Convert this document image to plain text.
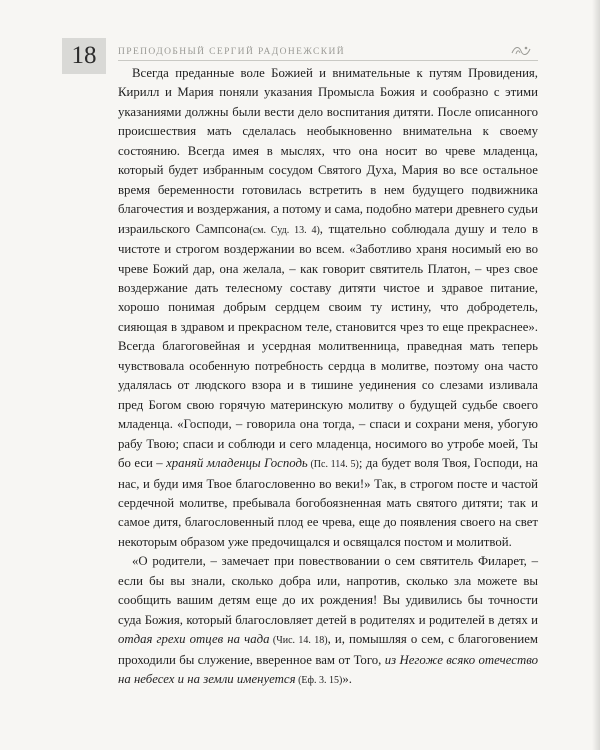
18	ПРЕПОДОБНЫЙ СЕРГИЙ РАДОНЕЖСКИЙ

Всегда преданные воле Божией и внимательные к путям Провидения, Кирилл и Мария поняли указания Промысла Божия и сообразно с этими указаниями должны были вести дело воспитания дитяти. После описанного происшествия мать сделалась необыкновенно внимательна к своему состоянию. Всегда имея в мыслях, что она носит во чреве младенца, который будет избранным сосудом Святого Духа, Мария во все остальное время беременности готовилась встретить в нем будущего подвижника благочестия и воздержания, а потому и сама, подобно матери древнего судьи израильского Сампсона(см. Суд. 13. 4), тщательно соблюдала душу и тело в чистоте и строгом воздержании во всем. «Заботливо храня носимый ею во чреве Божий дар, она желала, – как говорит святитель Платон, – чрез свое воздержание дать телесному составу дитяти чистое и здравое питание, хорошо понимая добрым сердцем своим ту истину, что добродетель, сияющая в здравом и прекрасном теле, становится чрез то еще прекраснее». Всегда благоговейная и усердная молитвенница, праведная мать теперь чувствовала особенную потребность сердца в молитве, поэтому она часто удалялась от людского взора и в тишине уединения со слезами изливала пред Богом свою горячую материнскую молитву о будущей судьбе своего младенца. «Господи, – говорила она тогда, – спаси и сохрани меня, убогую рабу Твою; спаси и соблюди и сего младенца, носимого во утробе моей, Ты бо еси – храняй младенцы Господь (Пс. 114. 5); да будет воля Твоя, Господи, на нас, и буди имя Твое благословенно во веки!» Так, в строгом посте и частой сердечной молитве, пребывала богобоязненная мать святого дитяти; так и самое дитя, благословенный плод ее чрева, еще до появления своего на свет некоторым образом уже предочищался и освящался постом и молитвой.

«О родители, – замечает при повествовании о сем святитель Филарет, – если бы вы знали, сколько добра или, напротив, сколько зла можете вы сообщить вашим детям еще до их рождения! Вы удивились бы точности суда Божия, который благословляет детей в родителях и родителей в детях и отдая грехи отцев на чада (Чис. 14. 18), и, помышляя о сем, с благоговением проходили бы служение, вверенное вам от Того, из Негоже всяко отечество на небесех и на земли именуется (Еф. 3. 15)».
